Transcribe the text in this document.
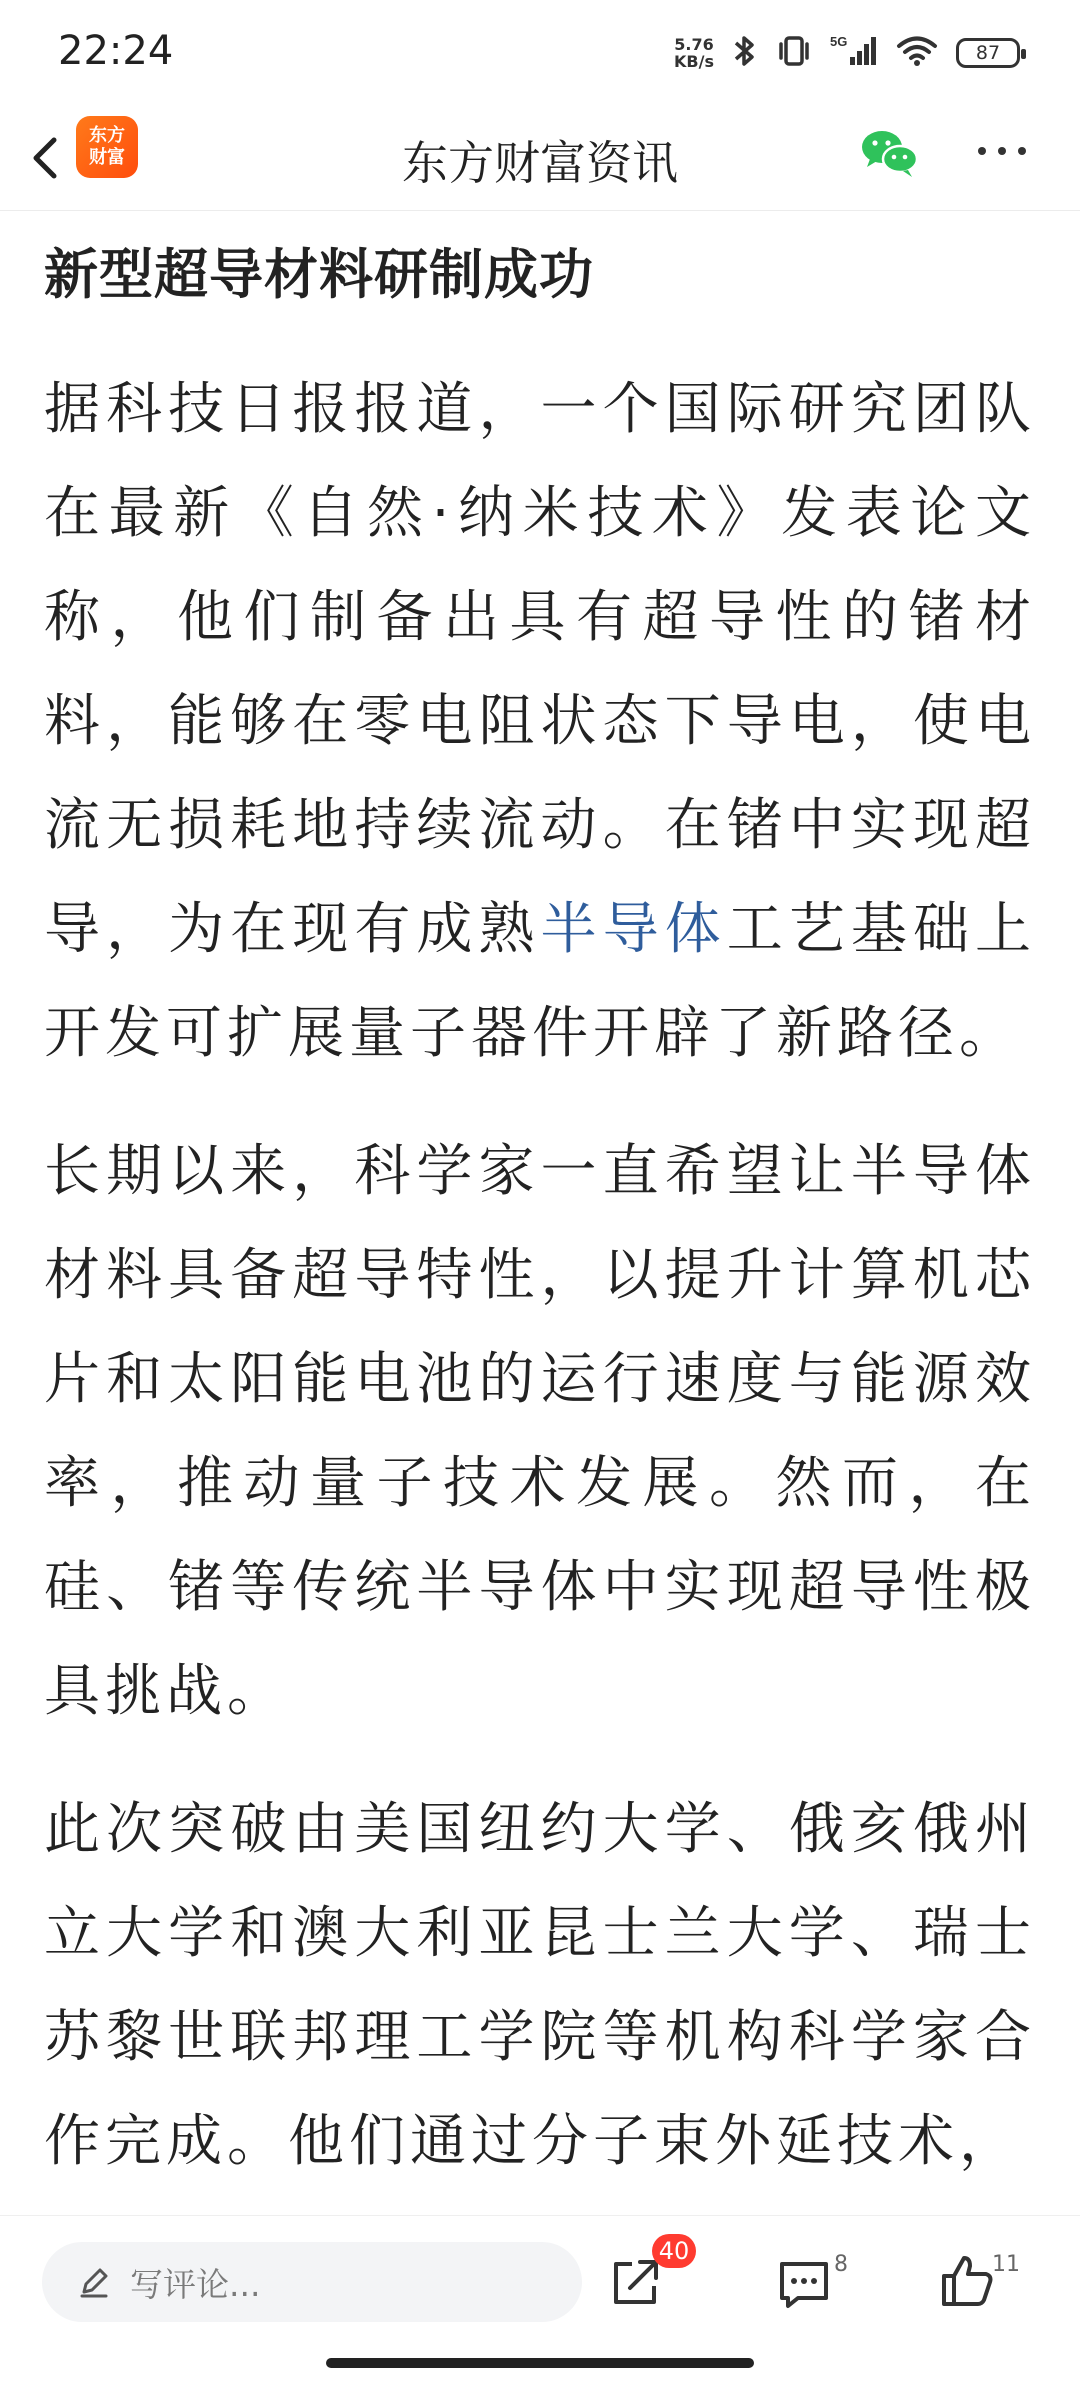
22:24	5.76
KB/s
5G
87
东方
财富	东方财富资讯
新型超导材料研制成功

据科技日报报道，一个国际研究团队在最新《自然·纳米技术》发表论文称，他们制备出具有超导性的锗材料，能够在零电阻状态下导电，使电流无损耗地持续流动。在锗中实现超导，为在现有成熟半导体工艺基础上开发可扩展量子器件开辟了新路径。

长期以来，科学家一直希望让半导体材料具备超导特性，以提升计算机芯片和太阳能电池的运行速度与能源效率，推动量子技术发展。然而，在硅、锗等传统半导体中实现超导性极具挑战。

此次突破由美国纽约大学、俄亥俄州立大学和澳大利亚昆士兰大学、瑞士苏黎世联邦理工学院等机构科学家合作完成。他们通过分子束外延技术，

写评论...
40	8	11
